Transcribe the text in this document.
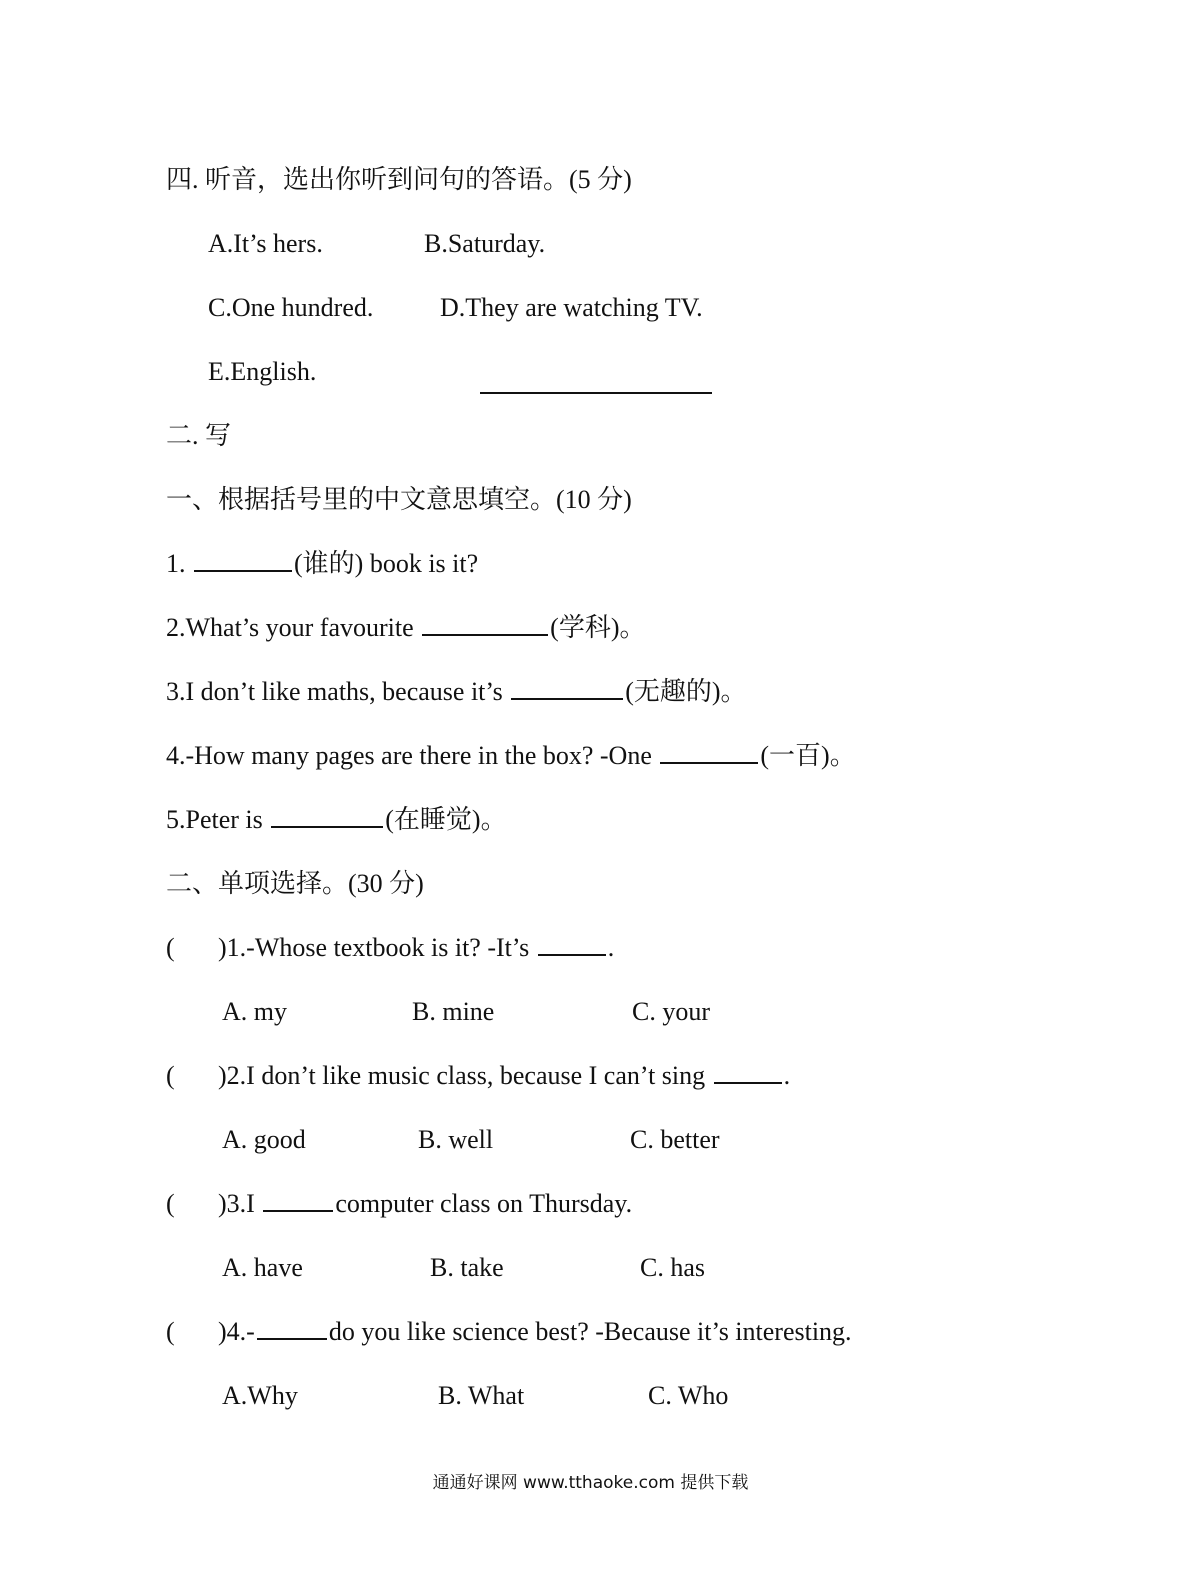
四. 听音，选出你听到问句的答语。(5 分)
A.It’s hers.	B.Saturday.
C.One hundred.	D.They are watching TV.
E.English.
二. 写
一、根据括号里的中文意思填空。(10 分)
1.	(谁的) book is it?
2.What’s your favourite	(学科)。
3.I don’t like maths, because it’s	(无趣的)。
4.-How many pages are there in the box? -One	(一百)。
5.Peter is	(在睡觉)。
二、单项选择。(30 分)
( )1.-Whose textbook is it? -It’s	.
A. my	B. mine	C. your
( )2.I don’t like music class, because I can’t sing	.
A. good	B. well	C. better
( )3.I	computer class on Thursday.
A. have	B. take	C. has
( )4.-	do you like science best? -Because it’s interesting.
A.Why	B. What	C. Who
通通好课网 www.tthaoke.com 提供下载
